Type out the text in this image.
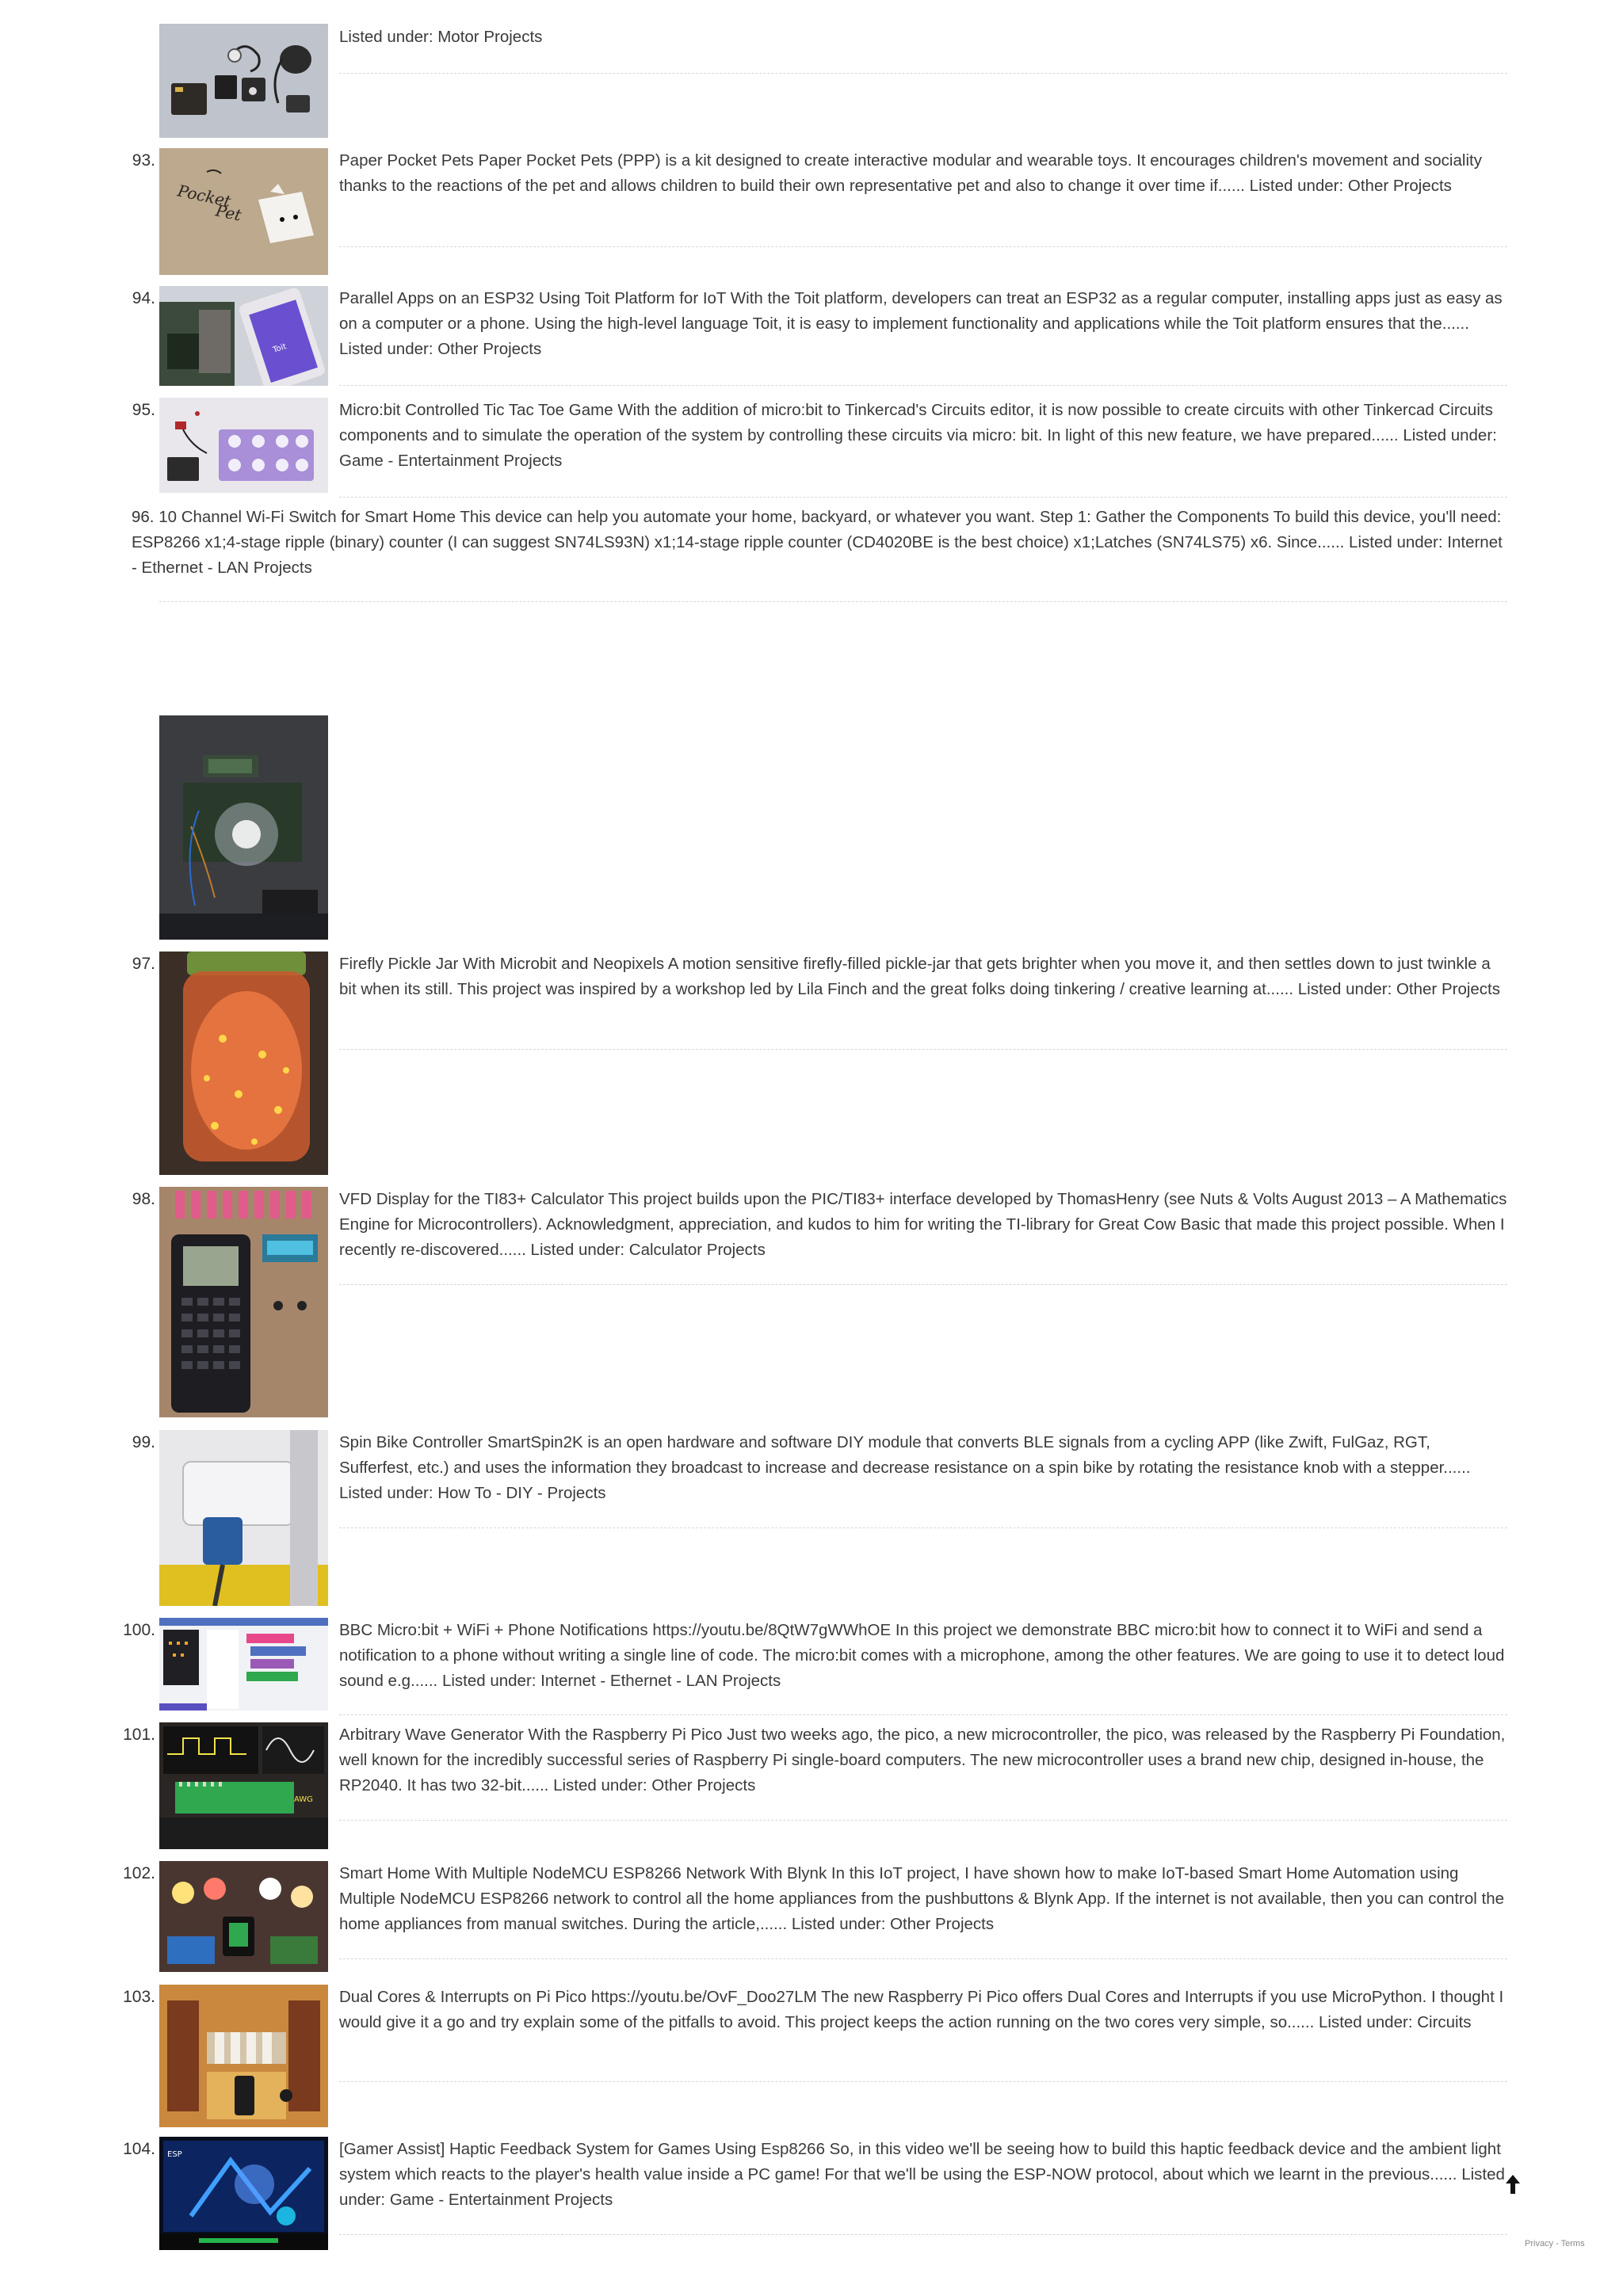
Listed under: Motor Projects
93.
Pocket
Pet
Paper Pocket Pets Paper Pocket Pets (PPP) is a kit designed to create interactive modular and wearable toys. It encourages children's movement and sociality thanks to the reactions of the pet and allows children to build their own representative pet and also to change it over time if...... Listed under: Other Projects
94.
Toit
Parallel Apps on an ESP32 Using Toit Platform for IoT With the Toit platform, developers can treat an ESP32 as a regular computer, installing apps just as easy as on a computer or a phone. Using the high-level language Toit, it is easy to implement functionality and applications while the Toit platform ensures that the...... Listed under: Other Projects
95.	Micro:bit Controlled Tic Tac Toe Game With the addition of micro:bit to Tinkercad's Circuits editor, it is now possible to create circuits with other Tinkercad Circuits components and to simulate the operation of the system by controlling these circuits via micro: bit. In light of this new feature, we have prepared...... Listed under: Game - Entertainment Projects
96. 10 Channel Wi-Fi Switch for Smart Home This device can help you automate your home, backyard, or whatever you want. Step 1: Gather the Components To build this device, you'll need: ESP8266 x1;4-stage ripple (binary) counter (I can suggest SN74LS93N) x1;14-stage ripple counter (CD4020BE is the best choice) x1;Latches (SN74LS75) x6. Since...... Listed under: Internet - Ethernet - LAN Projects
97.	Firefly Pickle Jar With Microbit and Neopixels A motion sensitive firefly-filled pickle-jar that gets brighter when you move it, and then settles down to just twinkle a bit when its still. This project was inspired by a workshop led by Lila Finch and the great folks doing tinkering / creative learning at...... Listed under: Other Projects
98.	VFD Display for the TI83+ Calculator This project builds upon the PIC/TI83+ interface developed by ThomasHenry (see Nuts & Volts August 2013 – A Mathematics Engine for Microcontrollers). Acknowledgment, appreciation, and kudos to him for writing the TI-library for Great Cow Basic that made this project possible. When I recently re-discovered...... Listed under: Calculator Projects
99.	Spin Bike Controller SmartSpin2K is an open hardware and software DIY module that converts BLE signals from a cycling APP (like Zwift, FulGaz, RGT, Sufferfest, etc.) and uses the information they broadcast to increase and decrease resistance on a spin bike by rotating the resistance knob with a stepper...... Listed under: How To - DIY - Projects
100.	BBC Micro:bit + WiFi + Phone Notifications https://youtu.be/8QtW7gWWhOE In this project we demonstrate BBC micro:bit how to connect it to WiFi and send a notification to a phone without writing a single line of code. The micro:bit comes with a microphone, among the other features. We are going to use it to detect loud sound e.g...... Listed under: Internet - Ethernet - LAN Projects
101.
AWG
Arbitrary Wave Generator With the Raspberry Pi Pico Just two weeks ago, the pico, a new microcontroller, the pico, was released by the Raspberry Pi Foundation, well known for the incredibly successful series of Raspberry Pi single-board computers. The new microcontroller uses a brand new chip, designed in-house, the RP2040. It has two 32-bit...... Listed under: Other Projects
102.	Smart Home With Multiple NodeMCU ESP8266 Network With Blynk In this IoT project, I have shown how to make IoT-based Smart Home Automation using Multiple NodeMCU ESP8266 network to control all the home appliances from the pushbuttons & Blynk App. If the internet is not available, then you can control the home appliances from manual switches. During the article,...... Listed under: Other Projects
103.	Dual Cores & Interrupts on Pi Pico https://youtu.be/OvF_Doo27LM The new Raspberry Pi Pico offers Dual Cores and Interrupts if you use MicroPython. I thought I would give it a go and try explain some of the pitfalls to avoid. This project keeps the action running on the two cores very simple, so...... Listed under: Circuits
104. ESP	[Gamer Assist] Haptic Feedback System for Games Using Esp8266 So, in this video we'll be seeing how to build this haptic feedback device and the ambient light system which reacts to the player's health value inside a PC game! For that we'll be using the ESP-NOW protocol, about which we learnt in the previous...... Listed under: Game - Entertainment Projects
Privacy - Terms
